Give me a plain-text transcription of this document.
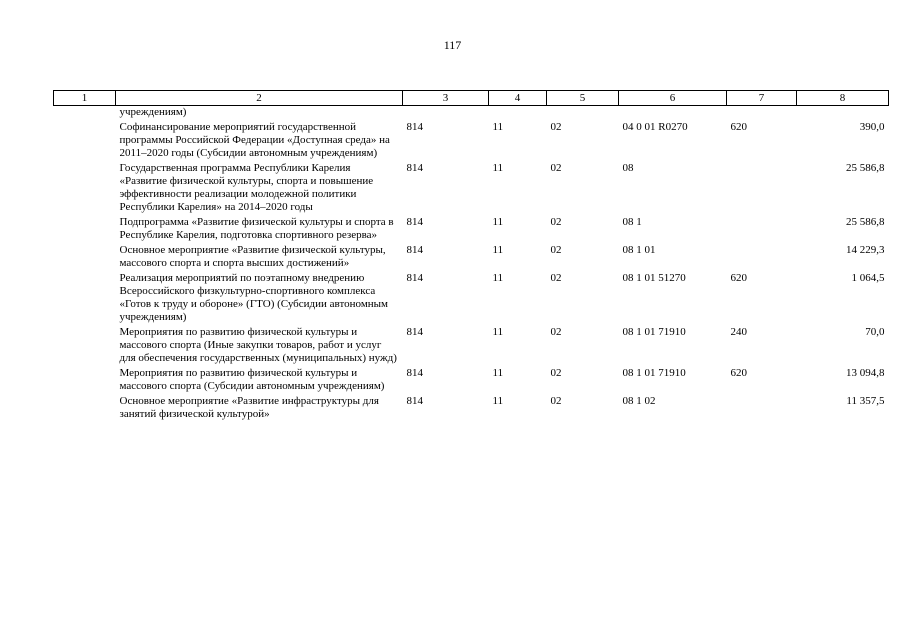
117
1	2	3	4	5	6	7	8
	учреждениям)						
	Софинансирование мероприятий государственной программы Российской Федерации «Доступная среда» на 2011–2020 годы (Субсидии автономным учреждениям)	814	11	02	04 0 01 R0270	620	390,0
	Государственная программа Республики Карелия «Развитие физической культуры, спорта и повышение эффективности реализации молодежной политики Республики Карелия» на 2014–2020 годы	814	11	02	08		25 586,8
	Подпрограмма «Развитие физической культуры и спорта в Республике Карелия, подготовка спортивного резерва»	814	11	02	08 1		25 586,8
	Основное мероприятие «Развитие физической культуры, массового спорта и спорта высших достижений»	814	11	02	08 1 01		14 229,3
	Реализация мероприятий по поэтапному внедрению Всероссийского физкультурно-спортивного комплекса «Готов к труду и обороне» (ГТО) (Субсидии автономным учреждениям)	814	11	02	08 1 01 51270	620	1 064,5
	Мероприятия по развитию физической культуры и массового спорта (Иные закупки товаров, работ и услуг для обеспечения государственных (муниципальных) нужд)	814	11	02	08 1 01 71910	240	70,0
	Мероприятия по развитию физической культуры и массового спорта (Субсидии автономным учреждениям)	814	11	02	08 1 01 71910	620	13 094,8
	Основное мероприятие «Развитие инфраструктуры для занятий физической культурой»	814	11	02	08 1 02		11 357,5
